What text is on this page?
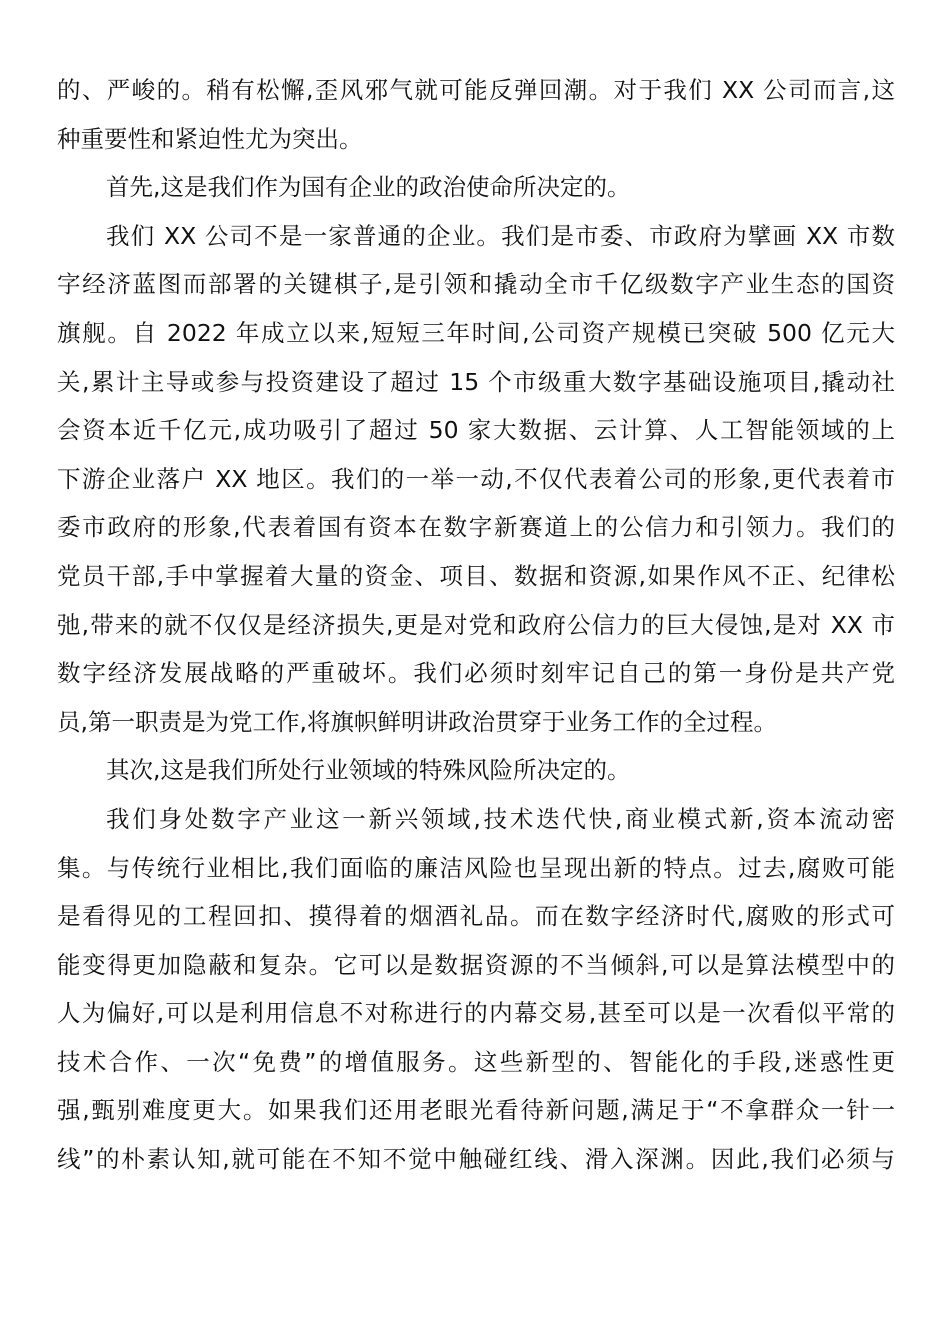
的、严峻的。稍有松懈,歪风邪气就可能反弹回潮。对于我们 XX 公司而言,这
种重要性和紧迫性尤为突出。
首先,这是我们作为国有企业的政治使命所决定的。
我们 XX 公司不是一家普通的企业。我们是市委、市政府为擘画 XX 市数
字经济蓝图而部署的关键棋子,是引领和撬动全市千亿级数字产业生态的国资
旗舰。自 2022 年成立以来,短短三年时间,公司资产规模已突破 500 亿元大
关,累计主导或参与投资建设了超过 15 个市级重大数字基础设施项目,撬动社
会资本近千亿元,成功吸引了超过 50 家大数据、云计算、人工智能领域的上
下游企业落户 XX 地区。我们的一举一动,不仅代表着公司的形象,更代表着市
委市政府的形象,代表着国有资本在数字新赛道上的公信力和引领力。我们的
党员干部,手中掌握着大量的资金、项目、数据和资源,如果作风不正、纪律松
弛,带来的就不仅仅是经济损失,更是对党和政府公信力的巨大侵蚀,是对 XX 市
数字经济发展战略的严重破坏。我们必须时刻牢记自己的第一身份是共产党
员,第一职责是为党工作,将旗帜鲜明讲政治贯穿于业务工作的全过程。
其次,这是我们所处行业领域的特殊风险所决定的。
我们身处数字产业这一新兴领域,技术迭代快,商业模式新,资本流动密
集。与传统行业相比,我们面临的廉洁风险也呈现出新的特点。过去,腐败可能
是看得见的工程回扣、摸得着的烟酒礼品。而在数字经济时代,腐败的形式可
能变得更加隐蔽和复杂。它可以是数据资源的不当倾斜,可以是算法模型中的
人为偏好,可以是利用信息不对称进行的内幕交易,甚至可以是一次看似平常的
技术合作、一次“免费”的增值服务。这些新型的、智能化的手段,迷惑性更
强,甄别难度更大。如果我们还用老眼光看待新问题,满足于“不拿群众一针一
线”的朴素认知,就可能在不知不觉中触碰红线、滑入深渊。因此,我们必须与
